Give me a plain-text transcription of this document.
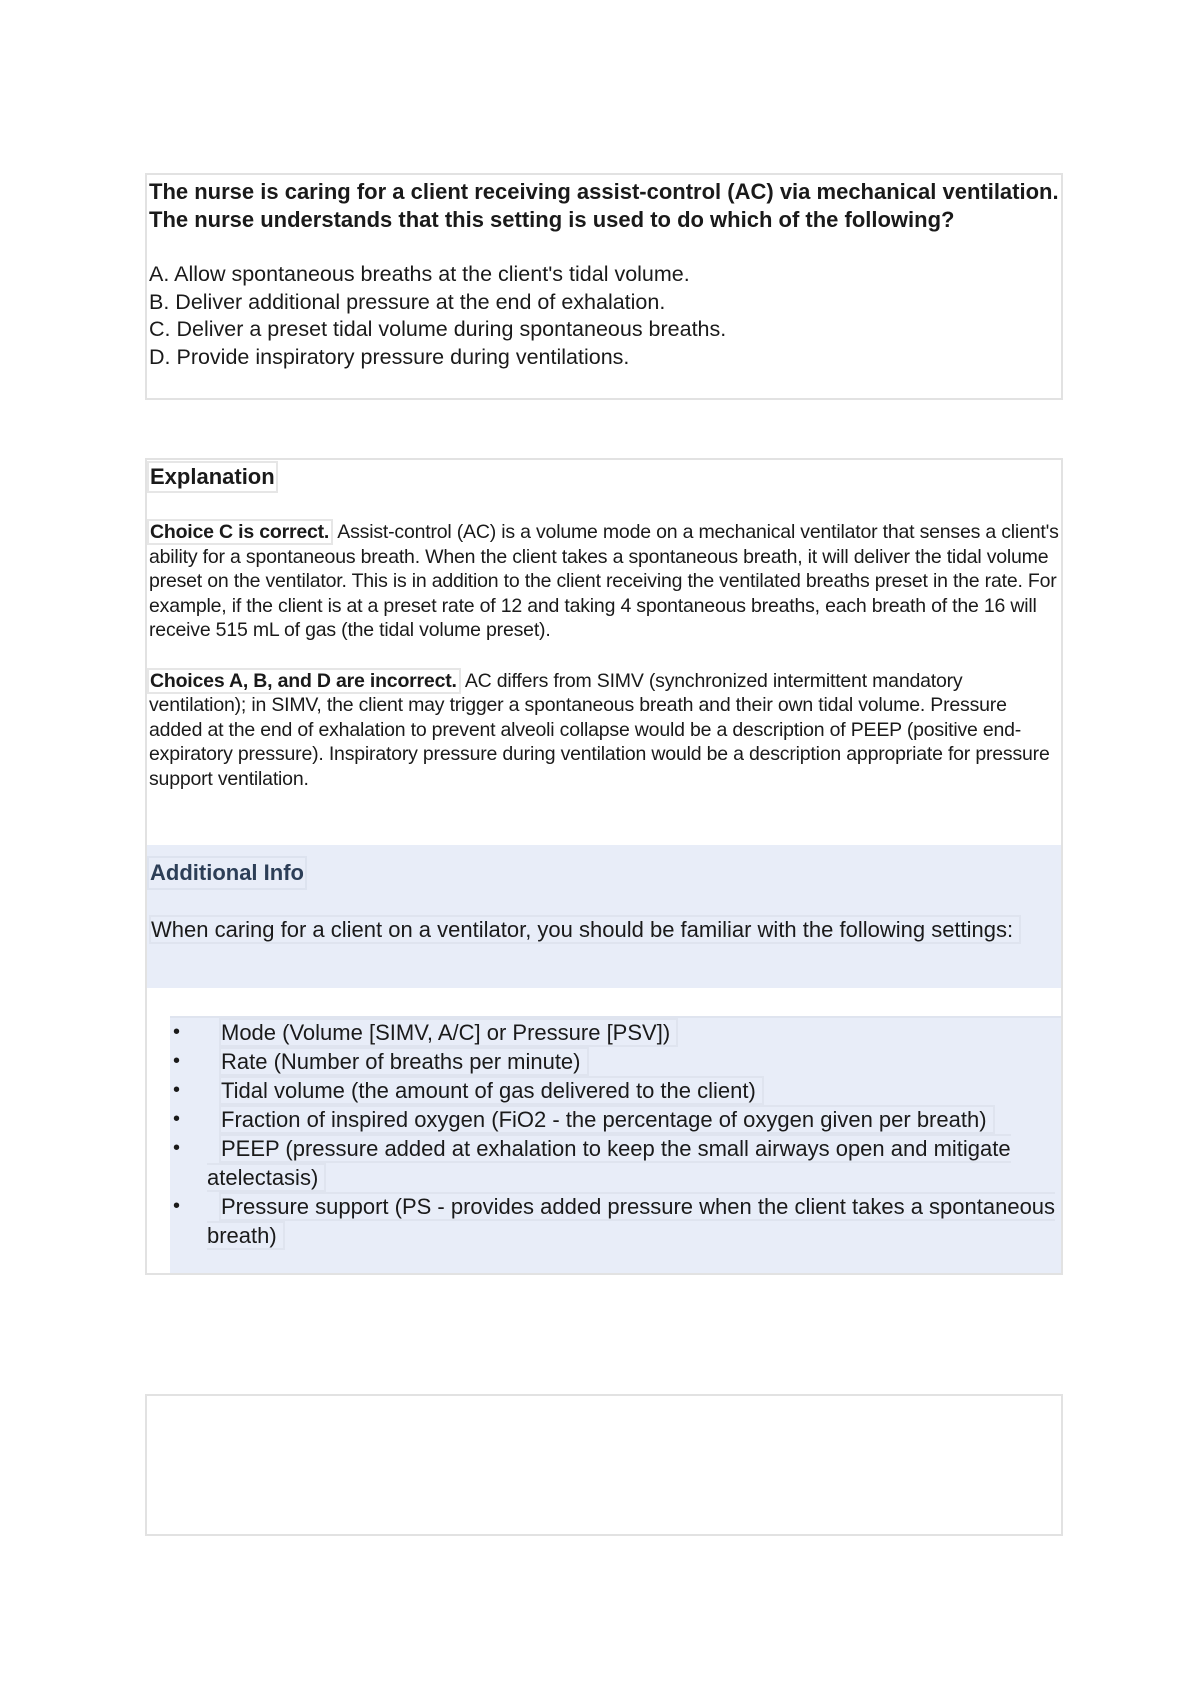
The nurse is caring for a client receiving assist-control (AC) via mechanical ventilation. The nurse understands that this setting is used to do which of the following?

A. Allow spontaneous breaths at the client's tidal volume.

B. Deliver additional pressure at the end of exhalation.

C. Deliver a preset tidal volume during spontaneous breaths.

D. Provide inspiratory pressure during ventilations.

Explanation

Choice C is correct. Assist-control (AC) is a volume mode on a mechanical ventilator that senses a client's ability for a spontaneous breath. When the client takes a spontaneous breath, it will deliver the tidal volume preset on the ventilator. This is in addition to the client receiving the ventilated breaths preset in the rate. For example, if the client is at a preset rate of 12 and taking 4 spontaneous breaths, each breath of the 16 will receive 515 mL of gas (the tidal volume preset).

Choices A, B, and D are incorrect. AC differs from SIMV (synchronized intermittent mandatory ventilation); in SIMV, the client may trigger a spontaneous breath and their own tidal volume. Pressure added at the end of exhalation to prevent alveoli collapse would be a description of PEEP (positive end-expiratory pressure). Inspiratory pressure during ventilation would be a description appropriate for pressure support ventilation.

Additional Info
When caring for a client on a ventilator, you should be familiar with the following settings:
• Mode (Volume [SIMV, A/C] or Pressure [PSV])
• Rate (Number of breaths per minute)
• Tidal volume (the amount of gas delivered to the client)
• Fraction of inspired oxygen (FiO2 - the percentage of oxygen given per breath)
• PEEP (pressure added at exhalation to keep the small airways open and mitigate atelectasis)
• Pressure support (PS - provides added pressure when the client takes a spontaneous breath)
